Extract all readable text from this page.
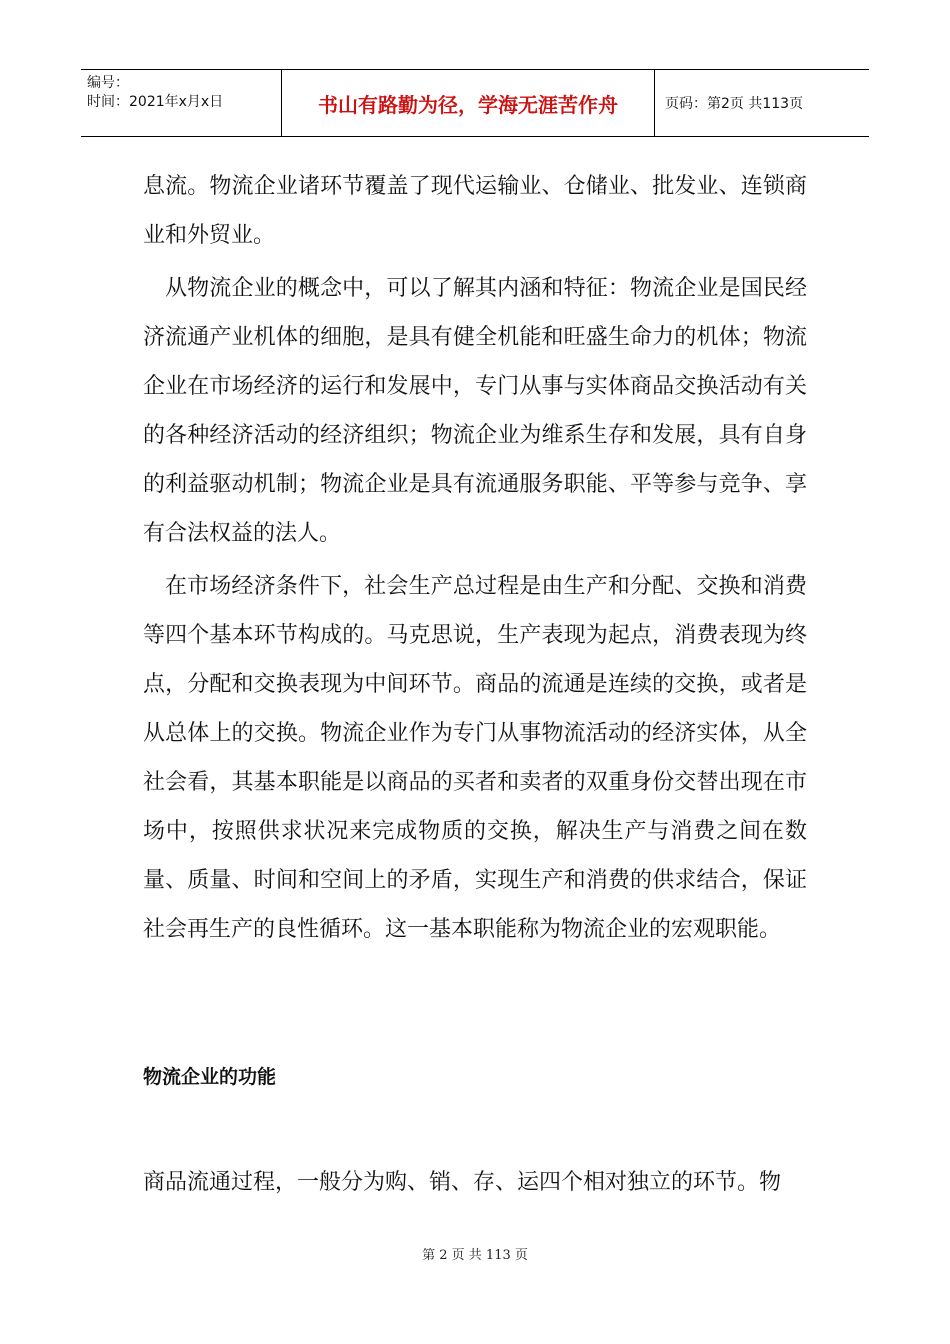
编号：
时间：2021年x月x日	书山有路勤为径，学海无涯苦作舟	页码：第2页 共113页

息流。物流企业诸环节覆盖了现代运输业、仓储业、批发业、连锁商业和外贸业。

从物流企业的概念中，可以了解其内涵和特征：物流企业是国民经济流通产业机体的细胞，是具有健全机能和旺盛生命力的机体；物流企业在市场经济的运行和发展中，专门从事与实体商品交换活动有关的各种经济活动的经济组织；物流企业为维系生存和发展，具有自身的利益驱动机制；物流企业是具有流通服务职能、平等参与竞争、享有合法权益的法人。

在市场经济条件下，社会生产总过程是由生产和分配、交换和消费等四个基本环节构成的。马克思说，生产表现为起点，消费表现为终点，分配和交换表现为中间环节。商品的流通是连续的交换，或者是从总体上的交换。物流企业作为专门从事物流活动的经济实体，从全社会看，其基本职能是以商品的买者和卖者的双重身份交替出现在市场中，按照供求状况来完成物质的交换，解决生产与消费之间在数量、质量、时间和空间上的矛盾，实现生产和消费的供求结合，保证社会再生产的良性循环。这一基本职能称为物流企业的宏观职能。

物流企业的功能

商品流通过程，一般分为购、销、存、运四个相对独立的环节。物

第 2 页 共 113 页
